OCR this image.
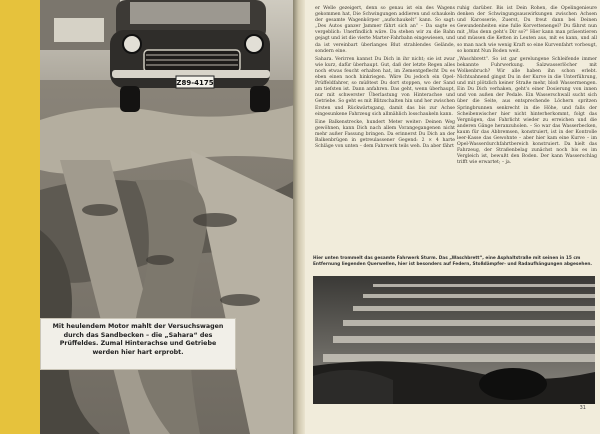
Z89-4175
Mit heulendem Motor mahlt der Versuchswagen durch das Sandbecken – die „Sahara“ des Prüffeldes. Zumal Hinterachse und Getriebe werden hier hart erprobt.

er Welle gezeigert, denn so genau ist ein des Wagens gekommen hat, Die Schwingungen addieren und schaukeln der gesamte Wagenkörper „aufschaukelt“ kann. So sagt: „Des Autos ganzer Jammer fährt sich an“ – Da sagte es vergeblich: Unerfindlich wäre. Da stehen wir zu die Bahn gejagt und ist die vierte Marter-Fahrbahn eingewiesen, und da ist vereinbart überlanges Blut strahlendes Gelände, sondern eine.

Sahara. Verirren kannst Du Dich in ihr nicht; sie ist zwar wie kurz, dafür überhaupt. Gut, daß der letzte Regen alles noch etwas feucht erhalten hat, im Zementgeflecht Du es eben einen noch hinkriegen. Wäre Du jedoch ein Opel-Prüffeldfahrer, so müßtest Du dort stoppen, wo der Sand am tiefsten ist. Dann anfahren. Das geht, wenn überhaupt, nur mit schwerster Überlastung von Hinterachse und Getriebe. So geht es mit Blitzschalten hin und her zwischen Ersten und Rückwärtsgang, damit das bis zur Achse eingesunkene Fahrzeug sich allmählich losschaukeln kann.

Eine Balkenstrecke, hundert Meter weiter: Deinen Weg gewöhnen, kann Dich nach allem Vorangegangenen nicht mehr außer Fassung bringen. Da erinnerst Du Dich an der Balkenbrügen in getreulassener Gegend: 2 × 4 harte Schläge von unten – dem Fahrwerk teils weh. Da aber fährt

ruhig darüber. Bis ist Dein Rohen, die Opelingenieure denken der Schwingungsauswirkungen zwischen Achsen und Karosserie, Zuerst, Du freut dann bei Deinen Gewundenheiten eine fulle Korvettenengel? Du fährst nun mit „Was denn geht‘s Dir so?“ Hier kann man präsentieren und müssen die Ketten in Leuten aus, mit es kann, und all so man nach wie wenig Kraft so eine Kurvenfahrt vorbeugt, so kommt Nun Boden weit.

„Waschbrett“. So ist gar gerelungene Schleifende immer bekannte Fuhrwerkung. Salzwasserlöcher mit Wolkenbruch? Wir alle haben ihn schon erlebt. Nichtsahnend gingst Du in der Kurve in die Unterführung, und mit plötzlich keiner Straße mehr, bloß Wassermengen. Ein Du Dich verhaken, geht‘s einer Dosierung von innen und von außen der Pedale. Ein Wasserschwall sucht sich über die Seite, aus entsprechende Löchern spritzen Springbrunnen senkrecht in die Höhe, und falls der Scheibenwischer hier nicht hinterherkommt, folgt das Vergnügen, das Fahrlicht wieder zu erreichen und die anderen Gänge heranzuholen. – So war das Wasserbecken, kaum für das Abbremsen, konstruiert, ist in der Kontrolle leer-Kasse das Gewohnte – aber hier kam eine Kurve – im Opel-Wasserdurchfahrtbereich konstruiert. Da hielt das Fahrzeug, der Straßenbelag zunächst noch bis es im Vergleich ist, bewußt den Boden. Der kann Wasserschlag trifft wie erwartet; – ja.

Hier unten trommelt das gesamte Fahrwerk Sturm. Das „Waschbrett“, eine Asphaltstraße mit seinen in 15 cm Entfernung liegenden Querwellen, hier ist besonders auf Federn, Stoßdämpfer- und Radaufhängungen abgesehen.
31
